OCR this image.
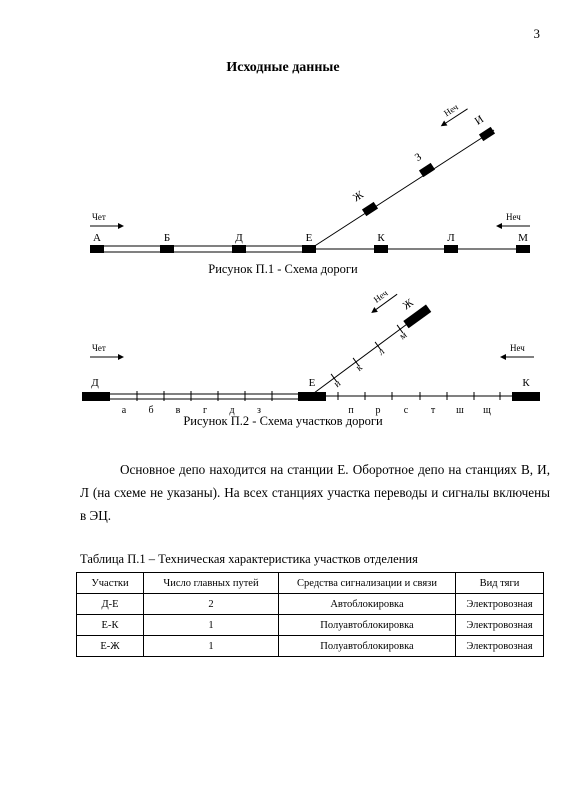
3
Исходные данные
А	Б	Д	Е	К	Л	М
Ж
З
И
Чет	Неч
Неч
Рисунок П.1 - Схема дороги
Д	Е	К
Ж
а б в г д з	п р с т ш щ
и
к
л
м
Чет	Неч
Неч
Рисунок П.2 - Схема участков дороги

Основное депо находится на станции Е. Оборотное депо на станциях В, И, Л (на схеме не указаны). На всех станциях участка переводы и сигналы включены в ЭЦ.

Таблица П.1 – Техническая характеристика участков отделения
Участки	Число главных путей	Средства сигнализации и связи	Вид тяги
Д-Е	2	Автоблокировка	Электровозная
Е-К	1	Полуавтоблокировка	Электровозная
Е-Ж	1	Полуавтоблокировка	Электровозная
